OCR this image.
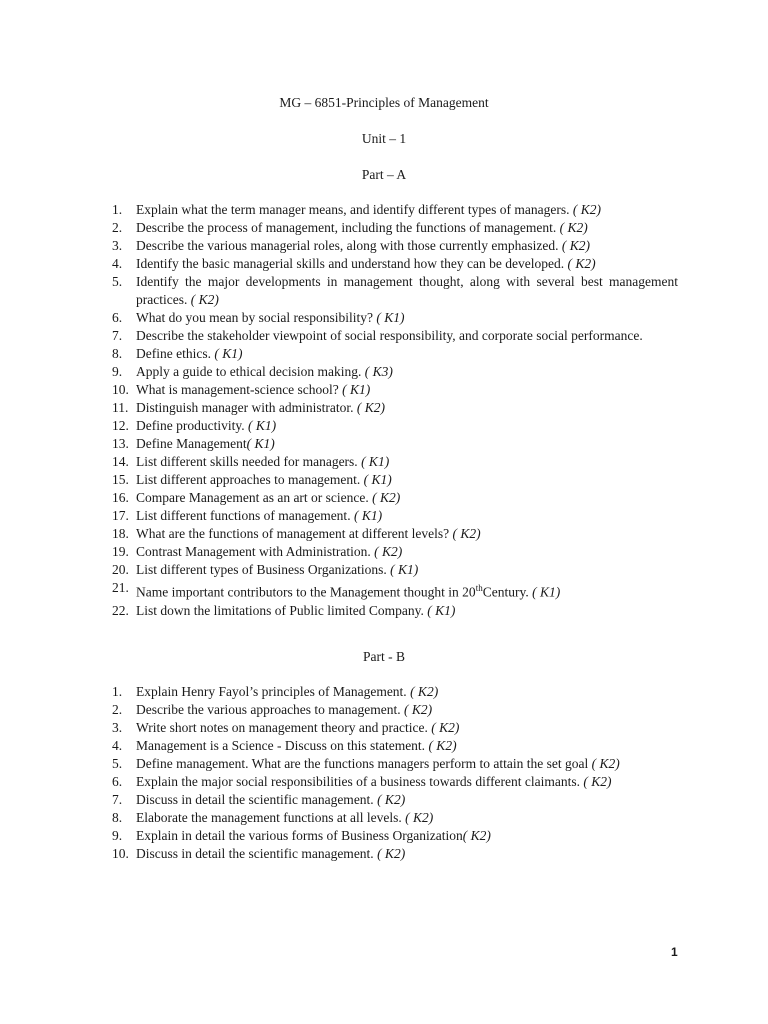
MG – 6851-Principles of Management
Unit – 1
Part – A
1. Explain what the term manager means, and identify different types of managers. ( K2)
2. Describe the process of management, including the functions of management. ( K2)
3. Describe the various managerial roles, along with those currently emphasized. ( K2)
4. Identify the basic managerial skills and understand how they can be developed. ( K2)
5. Identify the major developments in management thought, along with several best management practices. ( K2)
6. What do you mean by social responsibility? ( K1)
7. Describe the stakeholder viewpoint of social responsibility, and corporate social performance.
8. Define ethics. ( K1)
9. Apply a guide to ethical decision making. ( K3)
10. What is management-science school? ( K1)
11. Distinguish manager with administrator. ( K2)
12. Define productivity. ( K1)
13. Define Management( K1)
14. List different skills needed for managers. ( K1)
15. List different approaches to management. ( K1)
16. Compare Management as an art or science. ( K2)
17. List different functions of management. ( K1)
18. What are the functions of management at different levels? ( K2)
19. Contrast Management with Administration. ( K2)
20. List different types of Business Organizations. ( K1)
21. Name important contributors to the Management thought in 20thCentury. ( K1)
22. List down the limitations of Public limited Company. ( K1)
Part - B
1. Explain Henry Fayol’s principles of Management. ( K2)
2. Describe the various approaches to management. ( K2)
3. Write short notes on management theory and practice. ( K2)
4. Management is a Science - Discuss on this statement. ( K2)
5. Define management. What are the functions managers perform to attain the set goal ( K2)
6. Explain the major social responsibilities of a business towards different claimants. ( K2)
7. Discuss in detail the scientific management. ( K2)
8. Elaborate the management functions at all levels. ( K2)
9. Explain in detail the various forms of Business Organization( K2)
10. Discuss in detail the scientific management. ( K2)
1
